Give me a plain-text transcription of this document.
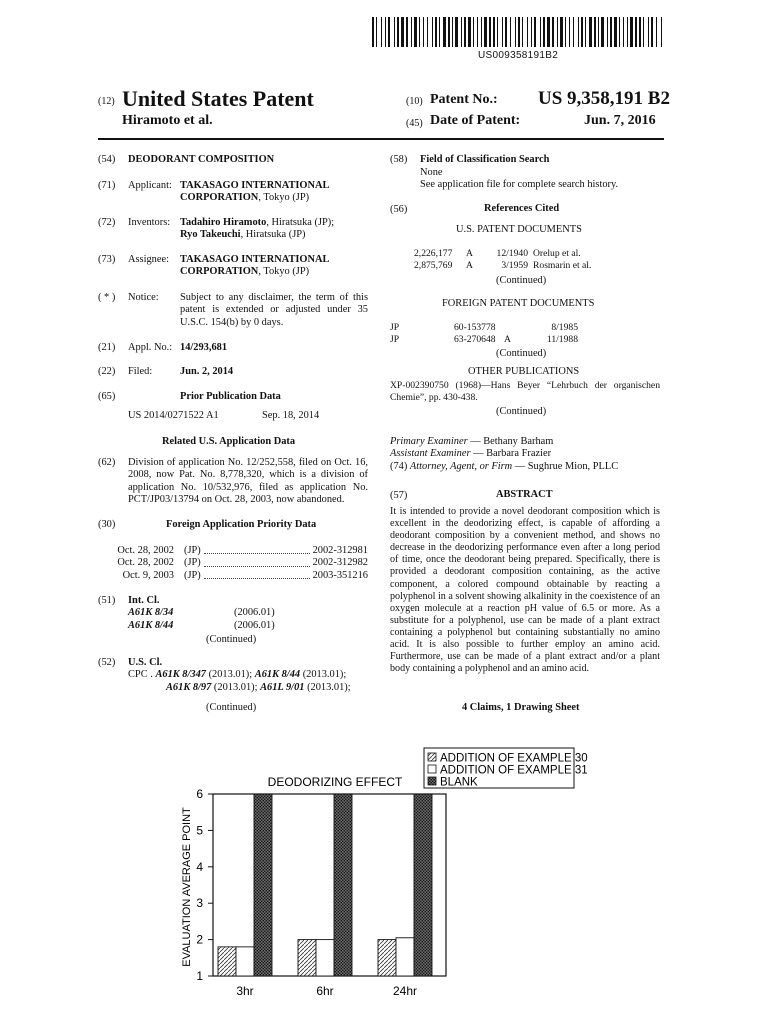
US009358191B2
(12) United States Patent
Hiramoto et al.
(10) Patent No.: US 9,358,191 B2
(45) Date of Patent:	Jun. 7, 2016
(54) DEODORANT COMPOSITION
(71) Applicant: TAKASAGO INTERNATIONAL CORPORATION, Tokyo (JP)
(72) Inventors: Tadahiro Hiramoto, Hiratsuka (JP);
Ryo Takeuchi, Hiratsuka (JP)
(73) Assignee: TAKASAGO INTERNATIONAL CORPORATION, Tokyo (JP)
( * ) Notice: Subject to any disclaimer, the term of this patent is extended or adjusted under 35 U.S.C. 154(b) by 0 days.
(21) Appl. No.: 14/293,681
(22) Filed:	Jun. 2, 2014
(65)	Prior Publication Data
US 2014/0271522 A1	Sep. 18, 2014
Related U.S. Application Data
(62) Division of application No. 12/252,558, filed on Oct. 16, 2008, now Pat. No. 8,778,320, which is a division of application No. 10/532,976, filed as application No. PCT/JP03/13794 on Oct. 28, 2003, now abandoned.
(30)	Foreign Application Priority Data
Oct. 28, 2002 (JP)	2002-312981
Oct. 28, 2002 (JP)	2002-312982
Oct. 9, 2003 (JP)	2003-351216
(51) Int. Cl.
A61K 8/34	(2006.01)
A61K 8/44	(2006.01)
(Continued)
(52) U.S. Cl.
CPC . A61K 8/347 (2013.01); A61K 8/44 (2013.01);
A61K 8/97 (2013.01); A61L 9/01 (2013.01);
(Continued)
(58) Field of Classification Search
None
See application file for complete search history.
(56)	References Cited
U.S. PATENT DOCUMENTS
2,226,177	A	12/1940 Orelup et al.
2,875,769	A	3/1959 Rosmarin et al.
(Continued)
FOREIGN PATENT DOCUMENTS
JP	60-153778	8/1985
JP	63-270648 A	11/1988
(Continued)
OTHER PUBLICATIONS
XP-002390750 (1968)—Hans Beyer “Lehrbuch der organischen Chemie”, pp. 430-438.
(Continued)
Primary Examiner — Bethany Barham
Assistant Examiner — Barbara Frazier
(74) Attorney, Agent, or Firm — Sughrue Mion, PLLC
(57)	ABSTRACT
It is intended to provide a novel deodorant composition which is excellent in the deodorizing effect, is capable of affording a deodorant composition by a convenient method, and shows no decrease in the deodorizing performance even after a long period of time, once the deodorant being prepared. Specifically, there is provided a deodorant composition containing, as the active component, a colored compound obtainable by reacting a polyphenol in a solvent showing alkalinity in the coexistence of an oxygen molecule at a reaction pH value of 6.5 or more. As a substitute for a polyphenol, use can be made of a plant extract containing a polyphenol but containing substantially no amino acid. It is also possible to further employ an amino acid. Furthermore, use can be made of a plant extract and/or a plant body containing a polyphenol and an amino acid.
4 Claims, 1 Drawing Sheet
DEODORIZING EFFECT
1
2
3
4
5
6
EVALUATION AVERAGE POINT
3hr	6hr	24hr
ADDITION OF EXAMPLE 30
ADDITION OF EXAMPLE 31
BLANK
